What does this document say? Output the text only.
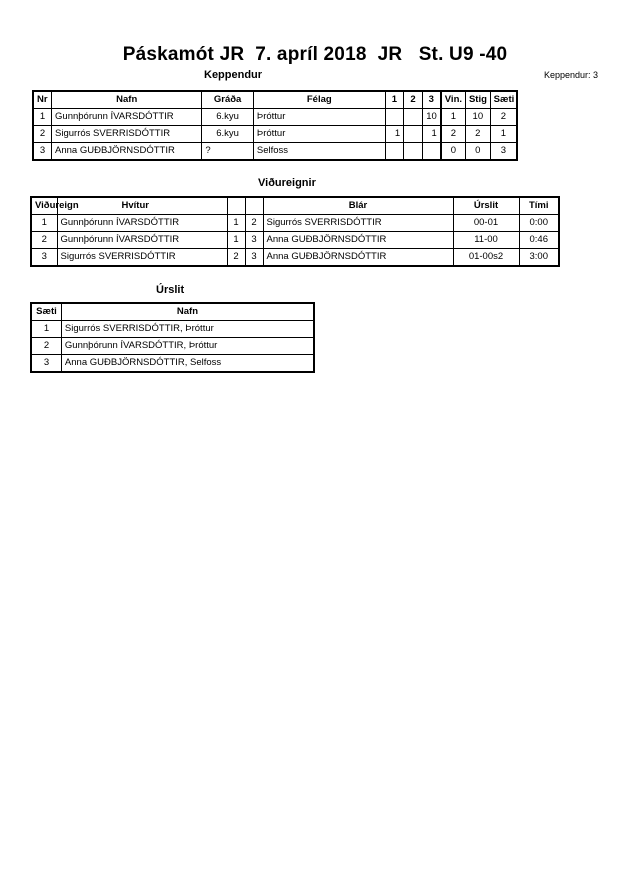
Páskamót JR  7. apríl 2018  JR   St. U9 -40
Keppendur	Keppendur: 3
Nr	Nafn	Gráða	Félag	1	2	3	Vin.	Stig	Sæti
1	Gunnþórunn ÍVARSDÓTTIR	6.kyu	Þróttur			10	1	10	2
2	Sigurrós SVERRISDÓTTIR	6.kyu	Þróttur	1		1	2	2	1
3	Anna GUÐBJÖRNSDÓTTIR	?	Selfoss				0	0	3
Viðureignir
Viðureign	Hvítur			Blár	Úrslit	Tími
1	Gunnþórunn ÍVARSDÓTTIR	1	2	Sigurrós SVERRISDÓTTIR	00-01	0:00
2	Gunnþórunn ÍVARSDÓTTIR	1	3	Anna GUÐBJÖRNSDÓTTIR	11-00	0:46
3	Sigurrós SVERRISDÓTTIR	2	3	Anna GUÐBJÖRNSDÓTTIR	01-00s2	3:00
Úrslit
Sæti	Nafn
1	Sigurrós SVERRISDÓTTIR, Þróttur
2	Gunnþórunn ÍVARSDÓTTIR, Þróttur
3	Anna GUÐBJÖRNSDÓTTIR, Selfoss
